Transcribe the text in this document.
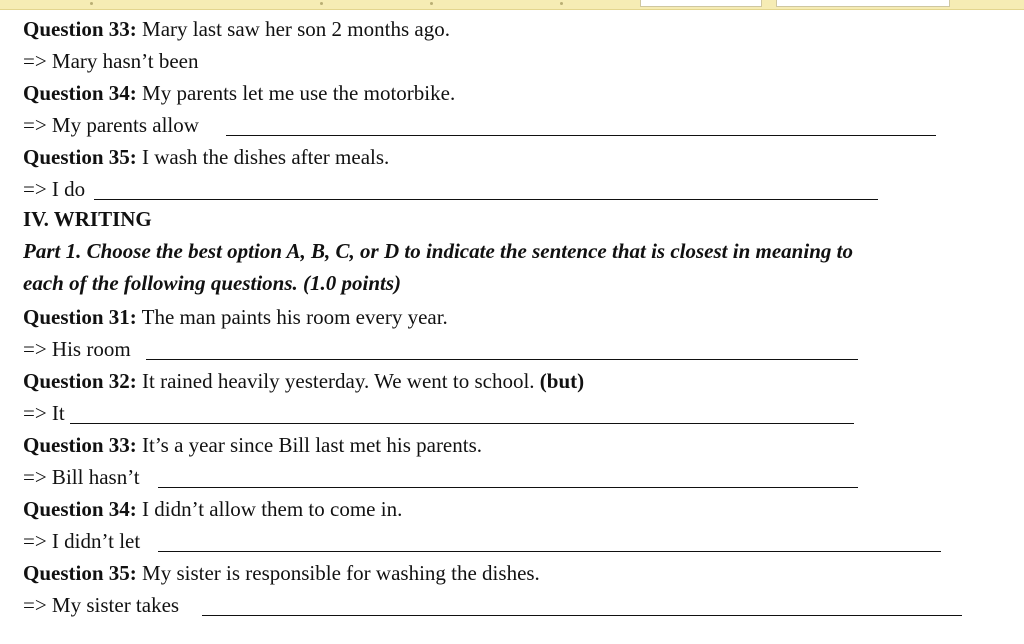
Question 33: Mary last saw her son 2 months ago.
=> Mary hasn’t been
Question 34: My parents let me use the motorbike.
=> My parents allow
Question 35: I wash the dishes after meals.
=> I do
IV. WRITING
Part 1. Choose the best option A, B, C, or D to indicate the sentence that is closest in meaning to
each of the following questions. (1.0 points)
Question 31: The man paints his room every year.
=> His room
Question 32: It rained heavily yesterday. We went to school. (but)
=> It
Question 33: It’s a year since Bill last met his parents.
=> Bill hasn’t
Question 34: I didn’t allow them to come in.
=> I didn’t let
Question 35: My sister is responsible for washing the dishes.
=> My sister takes
